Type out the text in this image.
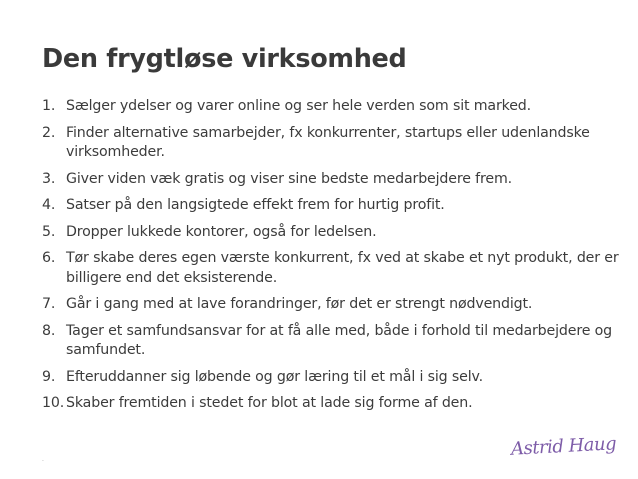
Den frygtløse virksomhed
1. Sælger ydelser og varer online og ser hele verden som sit marked.
2. Finder alternative samarbejder, fx konkurrenter, startups eller udenlandske virksomheder.
3. Giver viden væk gratis og viser sine bedste medarbejdere frem.
4. Satser på den langsigtede effekt frem for hurtig profit.
5. Dropper lukkede kontorer, også for ledelsen.
6. Tør skabe deres egen værste konkurrent, fx ved at skabe et nyt produkt, der er billigere end det eksisterende.
7. Går i gang med at lave forandringer, før det er strengt nødvendigt.
8. Tager et samfundsansvar for at få alle med, både i forhold til medarbejdere og samfundet.
9. Efteruddanner sig løbende og gør læring til et mål i sig selv.
10. Skaber fremtiden i stedet for blot at lade sig forme af den.
Astrid Haug
.
